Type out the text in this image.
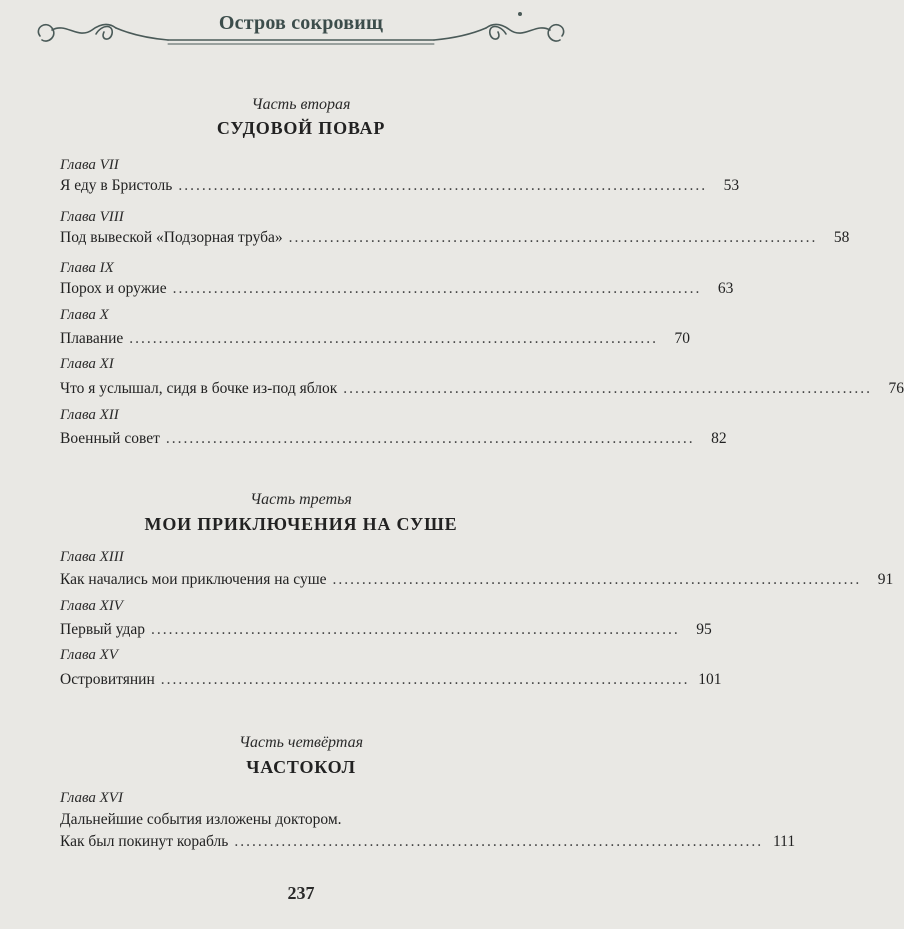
Остров сокровищ
Часть вторая
СУДОВОЙ ПОВАР
Глава VII
Я еду в Бристоль ..........................................................................................	53
Глава VIII
Под вывеской «Подзорная труба» ..........................................................................................	58
Глава IX
Порох и оружие ..........................................................................................	63
Глава X
Плавание ..........................................................................................	70
Глава XI
Что я услышал, сидя в бочке из-под яблок ..........................................................................................	76
Глава XII
Военный совет ..........................................................................................	82
Часть третья
МОИ ПРИКЛЮЧЕНИЯ НА СУШЕ
Глава XIII
Как начались мои приключения на суше ..........................................................................................	91
Глава XIV
Первый удар ..........................................................................................	95
Глава XV
Островитянин .......................................................................................... 101
Часть четвёртая
ЧАСТОКОЛ
Глава XVI
Дальнейшие события изложены доктором.
Как был покинут корабль .......................................................................................... 111
237
